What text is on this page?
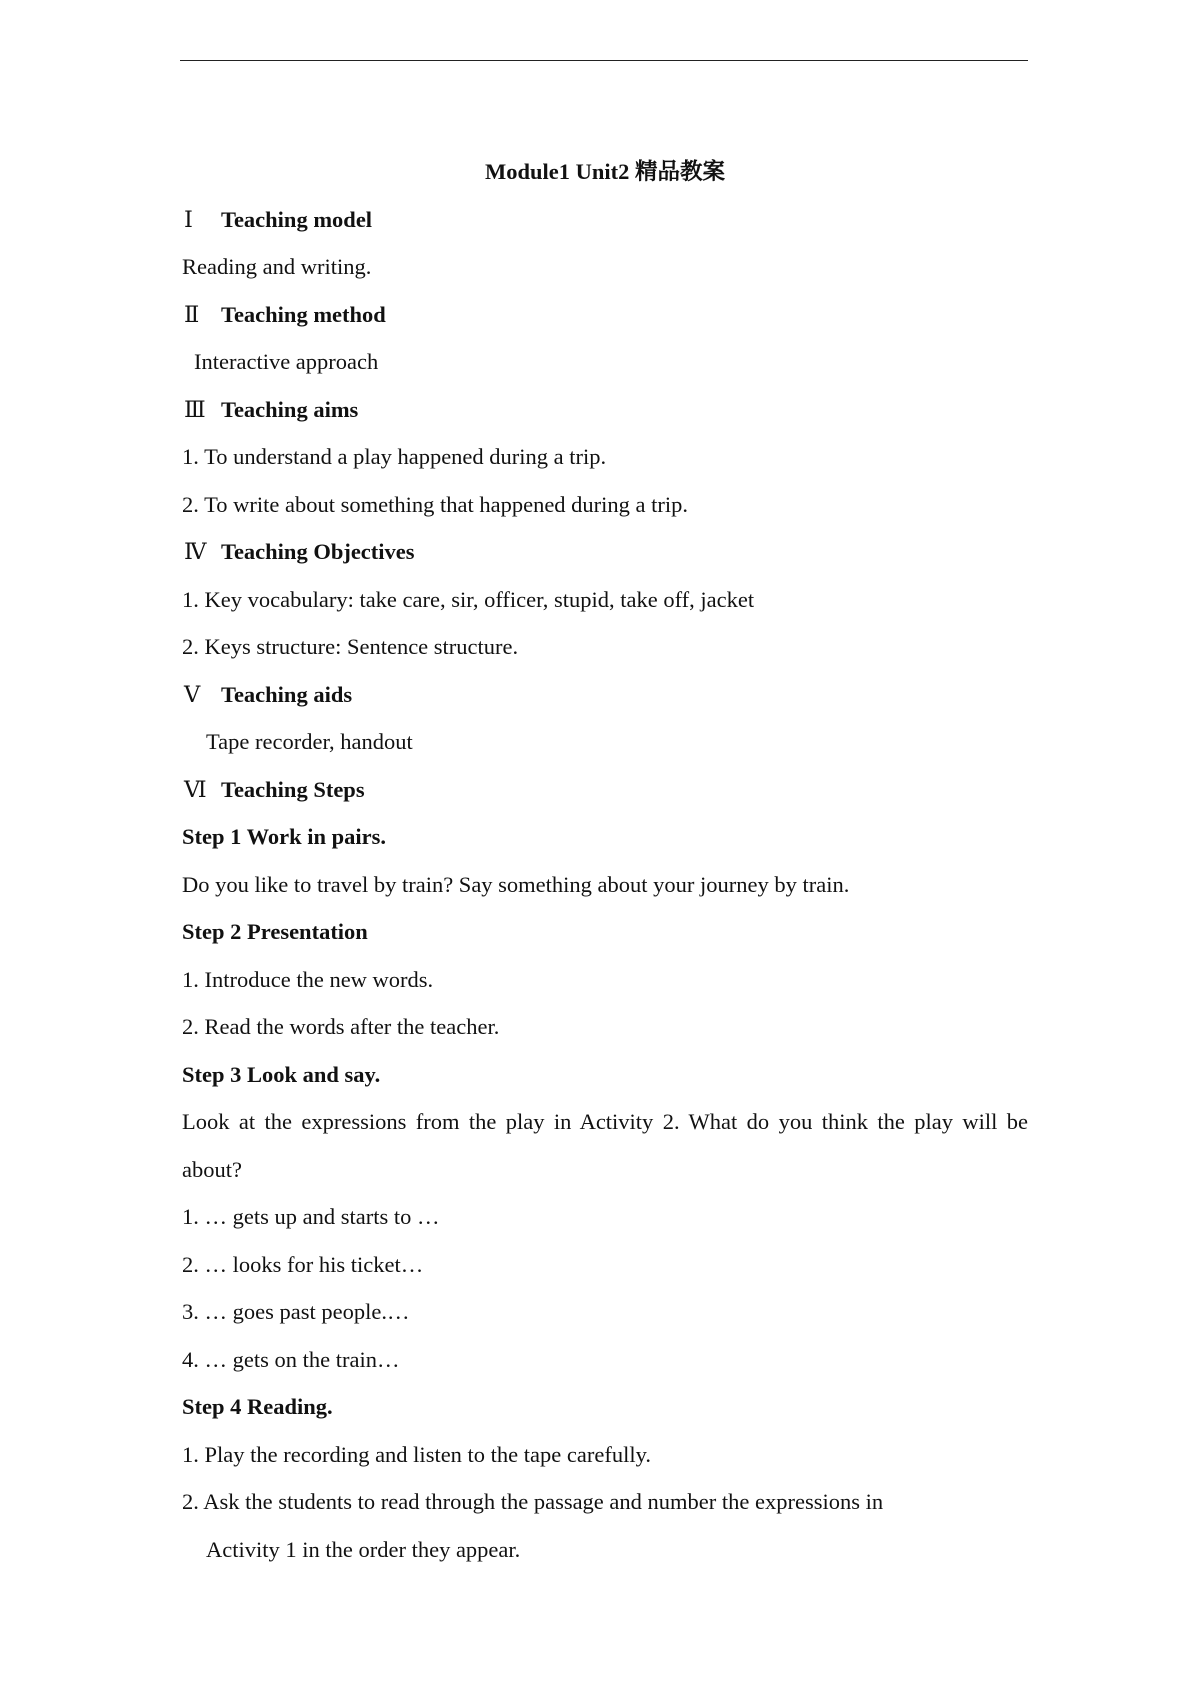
Module1 Unit2 精品教案

Ⅰ Teaching model

Reading and writing.

Ⅱ Teaching method

Interactive approach

Ⅲ Teaching aims

1. To understand a play happened during a trip.

2. To write about something that happened during a trip.

Ⅳ Teaching Objectives

1. Key vocabulary: take care, sir, officer, stupid, take off, jacket

2. Keys structure: Sentence structure.

Ⅴ Teaching aids

Tape recorder, handout

Ⅵ Teaching Steps

Step 1 Work in pairs.

Do you like to travel by train? Say something about your journey by train.

Step 2 Presentation

1. Introduce the new words.

2. Read the words after the teacher.

Step 3 Look and say.

Look at the expressions from the play in Activity 2. What do you think the play will be about?

1. … gets up and starts to …

2. … looks for his ticket…

3. … goes past people.…

4. … gets on the train…

Step 4 Reading.

1. Play the recording and listen to the tape carefully.

2. Ask the students to read through the passage and number the expressions in

Activity 1 in the order they appear.
